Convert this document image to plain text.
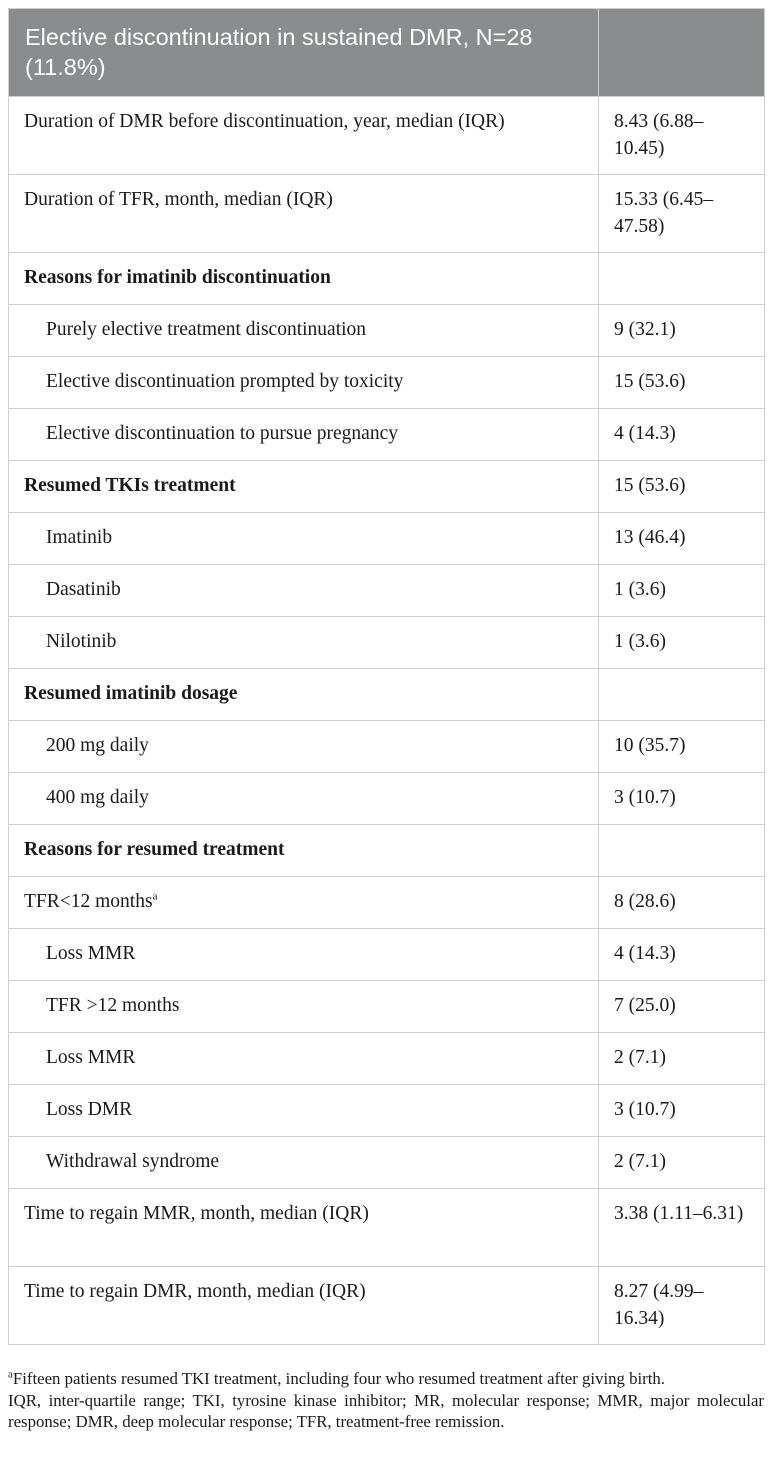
Elective discontinuation in sustained DMR, N=28 (11.8%)	
Duration of DMR before discontinuation, year, median (IQR)	8.43 (6.88–10.45)
Duration of TFR, month, median (IQR)	15.33 (6.45–47.58)
Reasons for imatinib discontinuation	
Purely elective treatment discontinuation	9 (32.1)
Elective discontinuation prompted by toxicity	15 (53.6)
Elective discontinuation to pursue pregnancy	4 (14.3)
Resumed TKIs treatment	15 (53.6)
Imatinib	13 (46.4)
Dasatinib	1 (3.6)
Nilotinib	1 (3.6)
Resumed imatinib dosage	
200 mg daily	10 (35.7)
400 mg daily	3 (10.7)
Reasons for resumed treatment	
TFR<12 months$^a$	8 (28.6)
Loss MMR	4 (14.3)
TFR >12 months	7 (25.0)
Loss MMR	2 (7.1)
Loss DMR	3 (10.7)
Withdrawal syndrome	2 (7.1)
Time to regain MMR, month, median (IQR)	3.38 (1.11–6.31)
Time to regain DMR, month, median (IQR)	8.27 (4.99–16.34)

$^a$Fifteen patients resumed TKI treatment, including four who resumed treatment after giving birth.

IQR, inter-quartile range; TKI, tyrosine kinase inhibitor; MR, molecular response; MMR, major molecular response; DMR, deep molecular response; TFR, treatment-free remission.
